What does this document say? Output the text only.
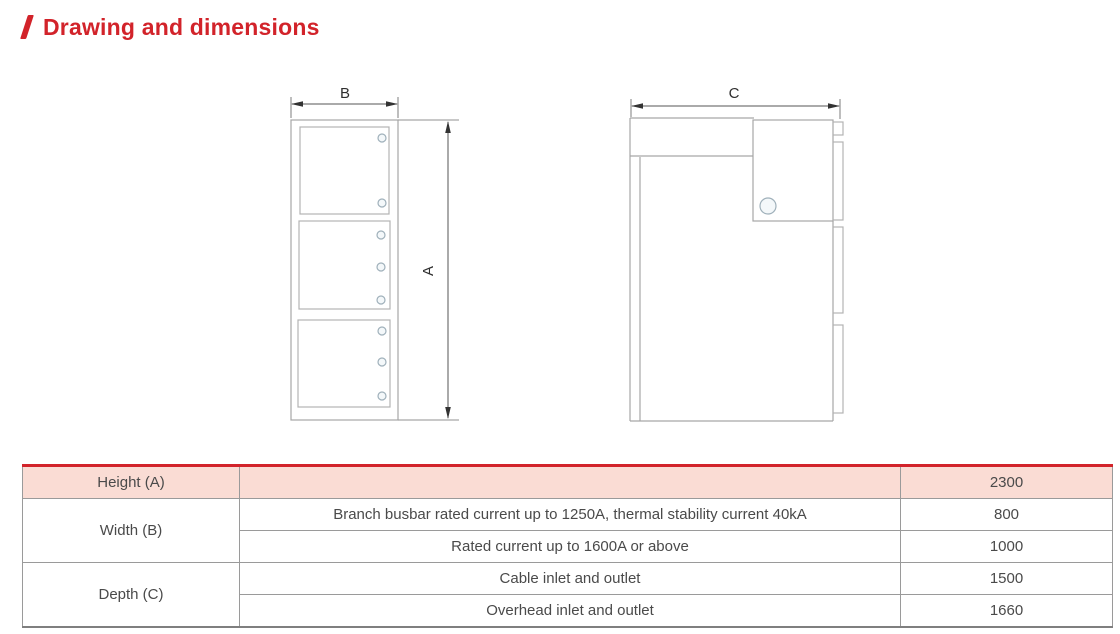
Drawing and dimensions
B
A
C
Height (A)		2300
Width (B)	Branch busbar rated current up to 1250A, thermal stability current 40kA	800
	Rated current up to 1600A or above	1000
Depth (C)	Cable inlet and outlet	1500
	Overhead inlet and outlet	1660
